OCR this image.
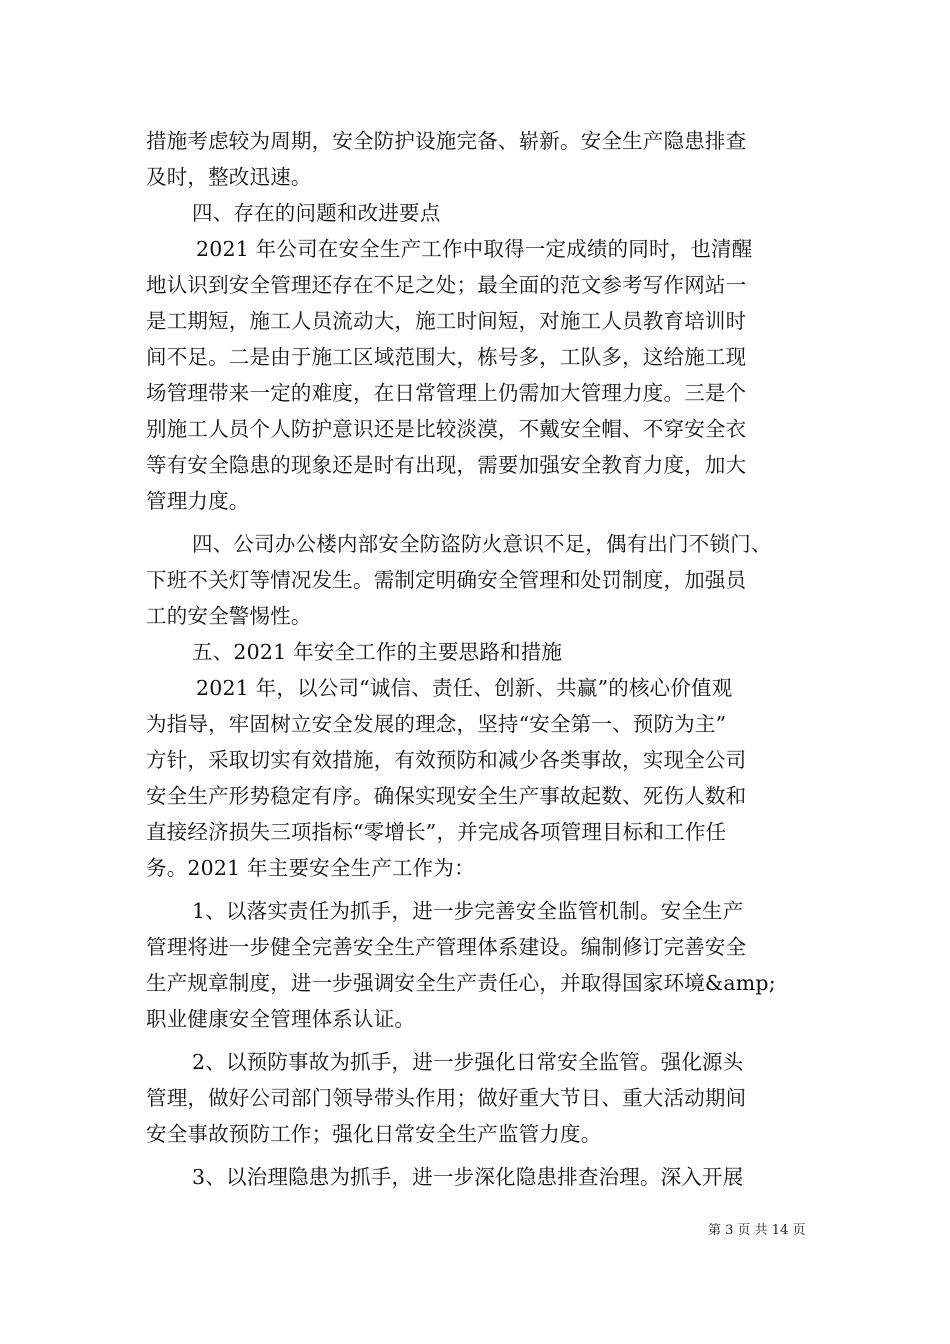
措施考虑较为周期，安全防护设施完备、崭新。安全生产隐患排查
及时，整改迅速。
四、存在的问题和改进要点
2021 年公司在安全生产工作中取得一定成绩的同时，也清醒
地认识到安全管理还存在不足之处；最全面的范文参考写作网站一
是工期短，施工人员流动大，施工时间短，对施工人员教育培训时
间不足。二是由于施工区域范围大，栋号多，工队多，这给施工现
场管理带来一定的难度，在日常管理上仍需加大管理力度。三是个
别施工人员个人防护意识还是比较淡漠，不戴安全帽、不穿安全衣
等有安全隐患的现象还是时有出现，需要加强安全教育力度，加大
管理力度。
四、公司办公楼内部安全防盗防火意识不足，偶有出门不锁门、
下班不关灯等情况发生。需制定明确安全管理和处罚制度，加强员
工的安全警惕性。
五、2021 年安全工作的主要思路和措施
2021 年，以公司“诚信、责任、创新、共赢”的核心价值观
为指导，牢固树立安全发展的理念，坚持“安全第一、预防为主”
方针，采取切实有效措施，有效预防和减少各类事故，实现全公司
安全生产形势稳定有序。确保实现安全生产事故起数、死伤人数和
直接经济损失三项指标“零增长”，并完成各项管理目标和工作任
务。2021 年主要安全生产工作为：
1、以落实责任为抓手，进一步完善安全监管机制。安全生产
管理将进一步健全完善安全生产管理体系建设。编制修订完善安全
生产规章制度，进一步强调安全生产责任心，并取得国家环境&amp;
职业健康安全管理体系认证。
2、以预防事故为抓手，进一步强化日常安全监管。强化源头
管理，做好公司部门领导带头作用；做好重大节日、重大活动期间
安全事故预防工作；强化日常安全生产监管力度。
3、以治理隐患为抓手，进一步深化隐患排查治理。深入开展
第 3 页 共 14 页
